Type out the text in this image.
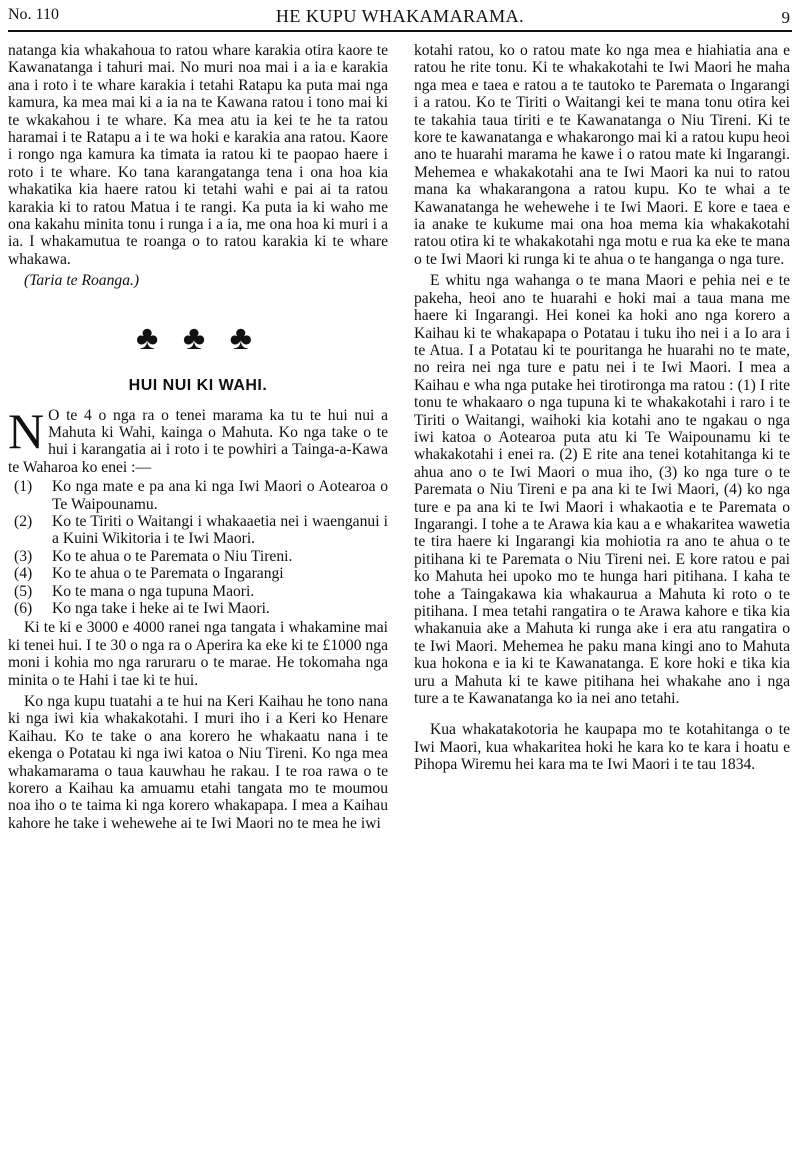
No. 110	HE KUPU WHAKAMARAMA.	9

natanga kia whakahoua to ratou whare karakia otira kaore te Kawanatanga i tahuri mai. No muri noa mai i a ia e karakia ana i roto i te whare karakia i tetahi Ratapu ka puta mai nga kamura, ka mea mai ki a ia na te Kawana ratou i tono mai ki te wkakahou i te whare. Ka mea atu ia kei te he ta ratou haramai i te Ratapu a i te wa hoki e karakia ana ratou. Kaore i rongo nga kamura ka timata ia ratou ki te paopao haere i roto i te whare. Ko tana karangatanga tena i ona hoa kia whakatika kia haere ratou ki tetahi wahi e pai ai ta ratou karakia ki to ratou Matua i te rangi. Ka puta ia ki waho me ona kakahu minita tonu i runga i a ia, me ona hoa ki muri i a ia. I whakamutua te roanga o to ratou karakia ki te whare whakawa.

(Taria te Roanga.)

♣ ♣ ♣
HUI NUI KI WAHI.

N O te 4 o nga ra o tenei marama ka tu te hui nui a Mahuta ki Wahi, kainga o Mahuta. Ko nga take o te hui i karangatia ai i roto i te powhiri a Tainga-a-Kawa te Waharoa ko enei :—

(1)	Ko nga mate e pa ana ki nga Iwi Maori o Aotearoa o Te Waipounamu.
(2)	Ko te Tiriti o Waitangi i whakaaetia nei i waenganui i a Kuini Wikitoria i te Iwi Maori.
(3)	Ko te ahua o te Paremata o Niu Tireni.
(4)	Ko te ahua o te Paremata o Ingarangi
(5)	Ko te mana o nga tupuna Maori.
(6)	Ko nga take i heke ai te Iwi Maori.

Ki te ki e 3000 e 4000 ranei nga tangata i whakamine mai ki tenei hui. I te 30 o nga ra o Aperira ka eke ki te £1000 nga moni i kohia mo nga raruraru o te marae. He tokomaha nga minita o te Hahi i tae ki te hui.

Ko nga kupu tuatahi a te hui na Keri Kaihau he tono nana ki nga iwi kia whakakotahi. I muri iho i a Keri ko Henare Kaihau. Ko te take o ana korero he whakaatu nana i te ekenga o Potatau ki nga iwi katoa o Niu Tireni. Ko nga mea whakamarama o taua kauwhau he rakau. I te roa rawa o te korero a Kaihau ka amuamu etahi tangata mo te moumou noa iho o te taima ki nga korero whakapapa. I mea a Kaihau kahore he take i wehewehe ai te Iwi Maori no te mea he iwi

kotahi ratou, ko o ratou mate ko nga mea e hiahiatia ana e ratou he rite tonu. Ki te whakakotahi te Iwi Maori he maha nga mea e taea e ratou a te tautoko te Paremata o Ingarangi i a ratou. Ko te Tiriti o Waitangi kei te mana tonu otira kei te takahia taua tiriti e te Kawanatanga o Niu Tireni. Ki te kore te kawanatanga e whakarongo mai ki a ratou kupu heoi ano te huarahi marama he kawe i o ratou mate ki Ingarangi. Mehemea e whakakotahi ana te Iwi Maori ka nui to ratou mana ka whakarangona a ratou kupu. Ko te whai a te Kawanatanga he wehewehe i te Iwi Maori. E kore e taea e ia anake te kukume mai ona hoa mema kia whakakotahi ratou otira ki te whakakotahi nga motu e rua ka eke te mana o te Iwi Maori ki runga ki te ahua o te hanganga o nga ture.

E whitu nga wahanga o te mana Maori e pehia nei e te pakeha, heoi ano te huarahi e hoki mai a taua mana me haere ki Ingarangi. Hei konei ka hoki ano nga korero a Kaihau ki te whakapapa o Potatau i tuku iho nei i a Io ara i te Atua. I a Potatau ki te pouritanga he huarahi no te mate, no reira nei nga ture e patu nei i te Iwi Maori. I mea a Kaihau e wha nga putake hei tirotironga ma ratou : (1) I rite tonu te whakaaro o nga tupuna ki te whakakotahi i raro i te Tiriti o Waitangi, waihoki kia kotahi ano te ngakau o nga iwi katoa o Aotearoa puta atu ki Te Waipounamu ki te whakakotahi i enei ra. (2) E rite ana tenei kotahitanga ki te ahua ano o te Iwi Maori o mua iho, (3) ko nga ture o te Paremata o Niu Tireni e pa ana ki te Iwi Maori, (4) ko nga ture e pa ana ki te Iwi Maori i whakaotia e te Paremata o Ingarangi. I tohe a te Arawa kia kau a e whakaritea wawetia te tira haere ki Ingarangi kia mohiotia ra ano te ahua o te pitihana ki te Paremata o Niu Tireni nei. E kore ratou e pai ko Mahuta hei upoko mo te hunga hari pitihana. I kaha te tohe a Taingakawa kia whakaurua a Mahuta ki roto o te pitihana. I mea tetahi rangatira o te Arawa kahore e tika kia whakanuia ake a Mahuta ki runga ake i era atu rangatira o te Iwi Maori. Mehemea he paku mana kingi ano to Mahuta kua hokona e ia ki te Kawanatanga. E kore hoki e tika kia uru a Mahuta ki te kawe pitihana hei whakahe ano i nga ture a te Kawanatanga ko ia nei ano tetahi.

Kua whakatakotoria he kaupapa mo te kotahitanga o te Iwi Maori, kua whakaritea hoki he kara ko te kara i hoatu e Pihopa Wiremu hei kara ma te Iwi Maori i te tau 1834.
